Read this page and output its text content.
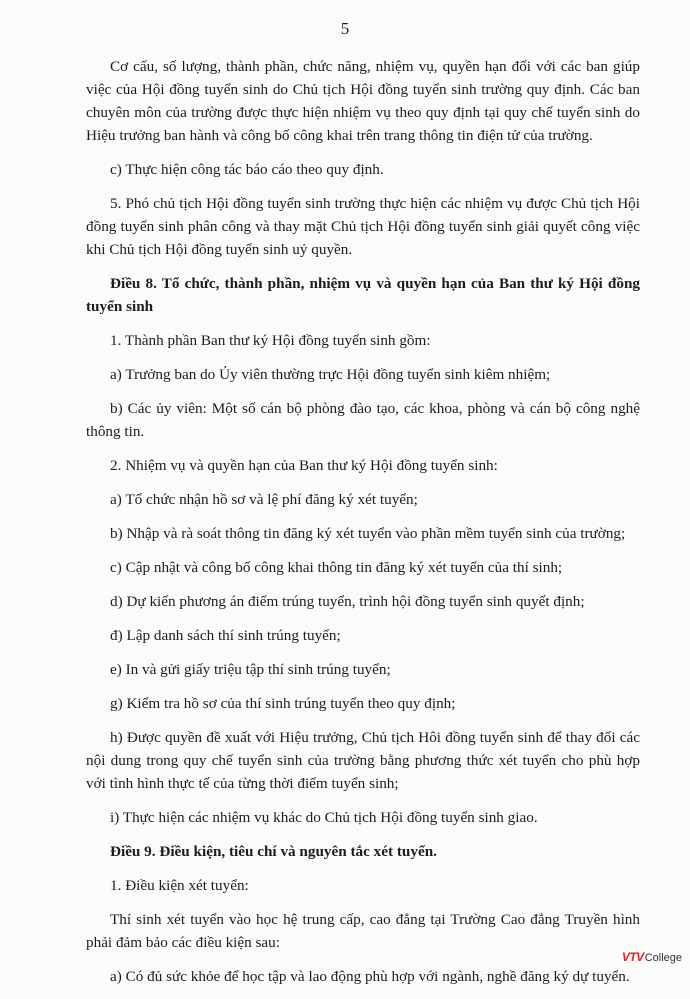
5

Cơ cấu, số lượng, thành phần, chức năng, nhiệm vụ, quyền hạn đối với các ban giúp việc của Hội đồng tuyển sinh do Chủ tịch Hội đồng tuyển sinh trường quy định. Các ban chuyên môn của trường được thực hiện nhiệm vụ theo quy định tại quy chế tuyển sinh do Hiệu trưởng ban hành và công bố công khai trên trang thông tin điện tử của trường.

c) Thực hiện công tác báo cáo theo quy định.

5. Phó chủ tịch Hội đồng tuyển sinh trường thực hiện các nhiệm vụ được Chủ tịch Hội đồng tuyển sinh phân công và thay mặt Chủ tịch Hội đồng tuyển sinh giải quyết công việc khi Chủ tịch Hội đồng tuyển sinh uỷ quyền.

Điều 8. Tổ chức, thành phần, nhiệm vụ và quyền hạn của Ban thư ký Hội đồng tuyển sinh

1. Thành phần Ban thư ký Hội đồng tuyển sinh gồm:

a) Trưởng ban do Ủy viên thường trực Hội đồng tuyển sinh kiêm nhiệm;

b) Các ủy viên: Một số cán bộ phòng đào tạo, các khoa, phòng và cán bộ công nghệ thông tin.

2. Nhiệm vụ và quyền hạn của Ban thư ký Hội đồng tuyển sinh:

a) Tổ chức nhận hồ sơ và lệ phí đăng ký xét tuyển;

b) Nhập và rà soát thông tin đăng ký xét tuyển vào phần mềm tuyển sinh của trường;

c) Cập nhật và công bố công khai thông tin đăng ký xét tuyển của thí sinh;

d) Dự kiến phương án điểm trúng tuyển, trình hội đồng tuyển sinh quyết định;

đ) Lập danh sách thí sinh trúng tuyển;

e) In và gửi giấy triệu tập thí sinh trúng tuyển;

g) Kiểm tra hồ sơ của thí sinh trúng tuyển theo quy định;

h) Được quyền đề xuất với Hiệu trưởng, Chủ tịch Hôi đồng tuyển sinh để thay đổi các nội dung trong quy chế tuyển sinh của trường bằng phương thức xét tuyển cho phù hợp với tình hình thực tế của từng thời điểm tuyển sinh;

i) Thực hiện các nhiệm vụ khác do Chủ tịch Hội đồng tuyển sinh giao.

Điều 9. Điều kiện, tiêu chí và nguyên tắc xét tuyển.

1. Điều kiện xét tuyển:

Thí sinh xét tuyển vào học hệ trung cấp, cao đẳng tại Trường Cao đẳng Truyền hình phải đảm bảo các điều kiện sau:

a) Có đủ sức khỏe để học tập và lao động phù hợp với ngành, nghề đăng ký dự tuyển.

VTV College
